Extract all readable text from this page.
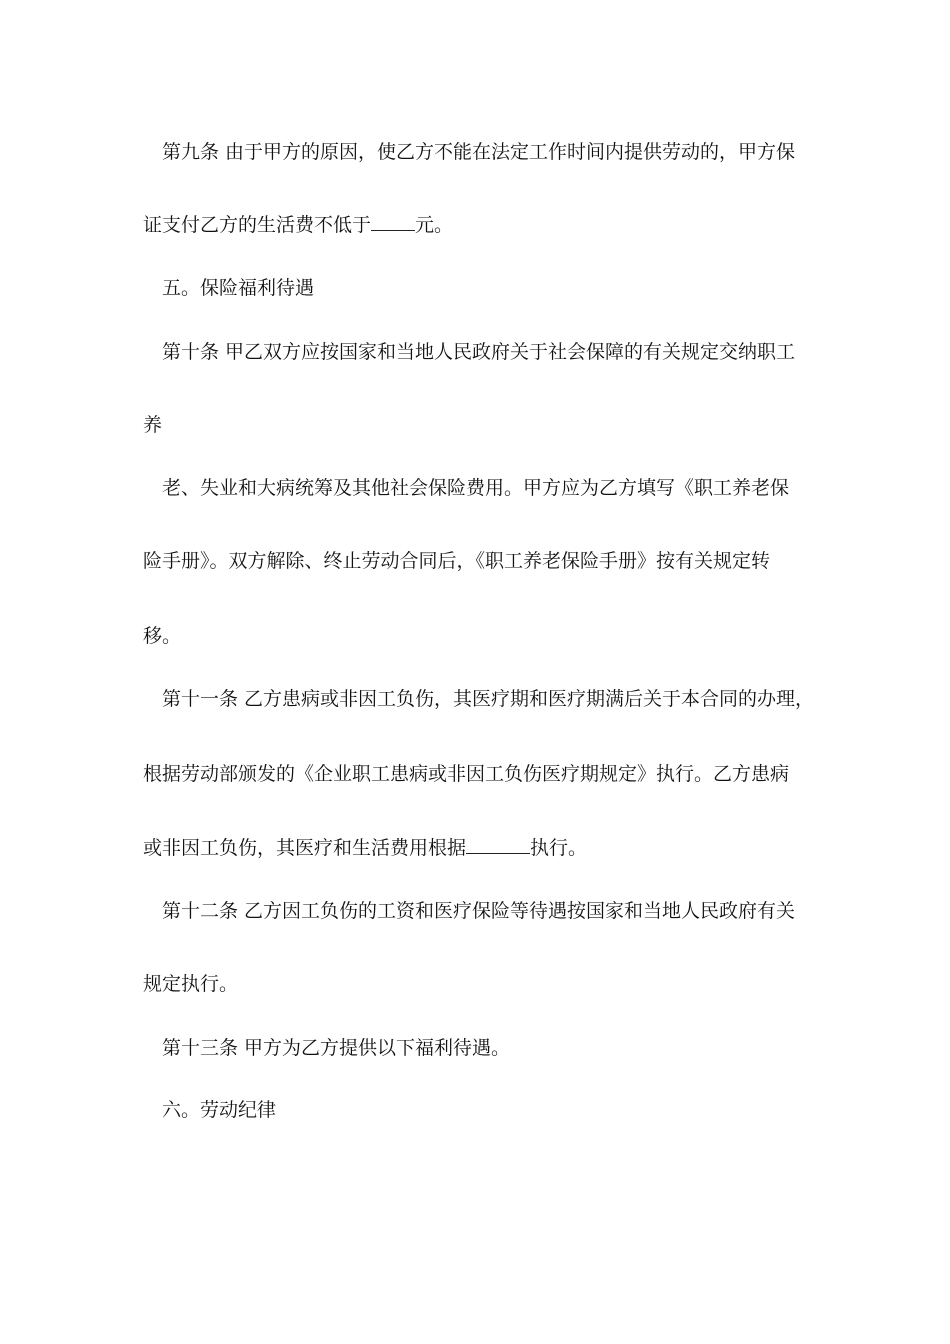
第九条 由于甲方的原因，使乙方不能在法定工作时间内提供劳动的，甲方保
证支付乙方的生活费不低于 元。
五。保险福利待遇
第十条 甲乙双方应按国家和当地人民政府关于社会保障的有关规定交纳职工
养
老、失业和大病统筹及其他社会保险费用。甲方应为乙方填写《职工养老保
险手册》。双方解除、终止劳动合同后，《职工养老保险手册》按有关规定转
移。
第十一条 乙方患病或非因工负伤，其医疗期和医疗期满后关于本合同的办理，
根据劳动部颁发的《企业职工患病或非因工负伤医疗期规定》执行。乙方患病
或非因工负伤，其医疗和生活费用根据	执行。
第十二条 乙方因工负伤的工资和医疗保险等待遇按国家和当地人民政府有关
规定执行。
第十三条 甲方为乙方提供以下福利待遇。
六。劳动纪律
